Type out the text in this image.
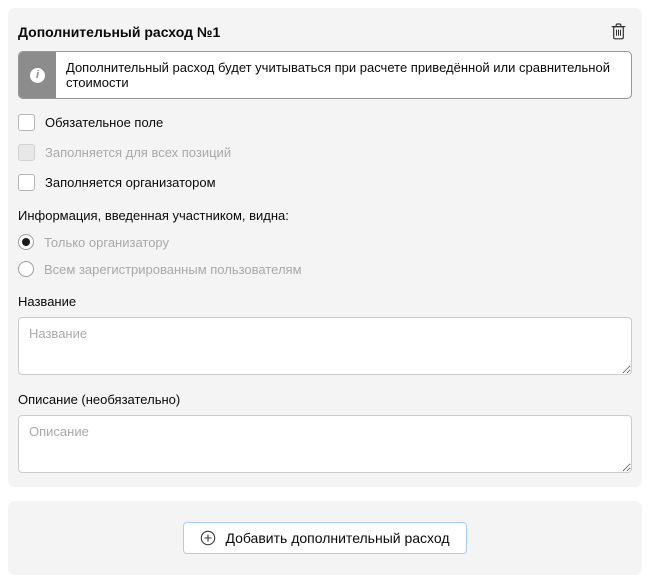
Дополнительный расход №1
i	Дополнительный расход будет учитываться при расчете приведённой или сравнительной стоимости
Обязательное поле
Заполняется для всех позиций
Заполняется организатором
Информация, введенная участником, видна:
Только организатору
Всем зарегистрированным пользователям
Название
Название
Описание (необязательно)
Описание
Добавить дополнительный расход
